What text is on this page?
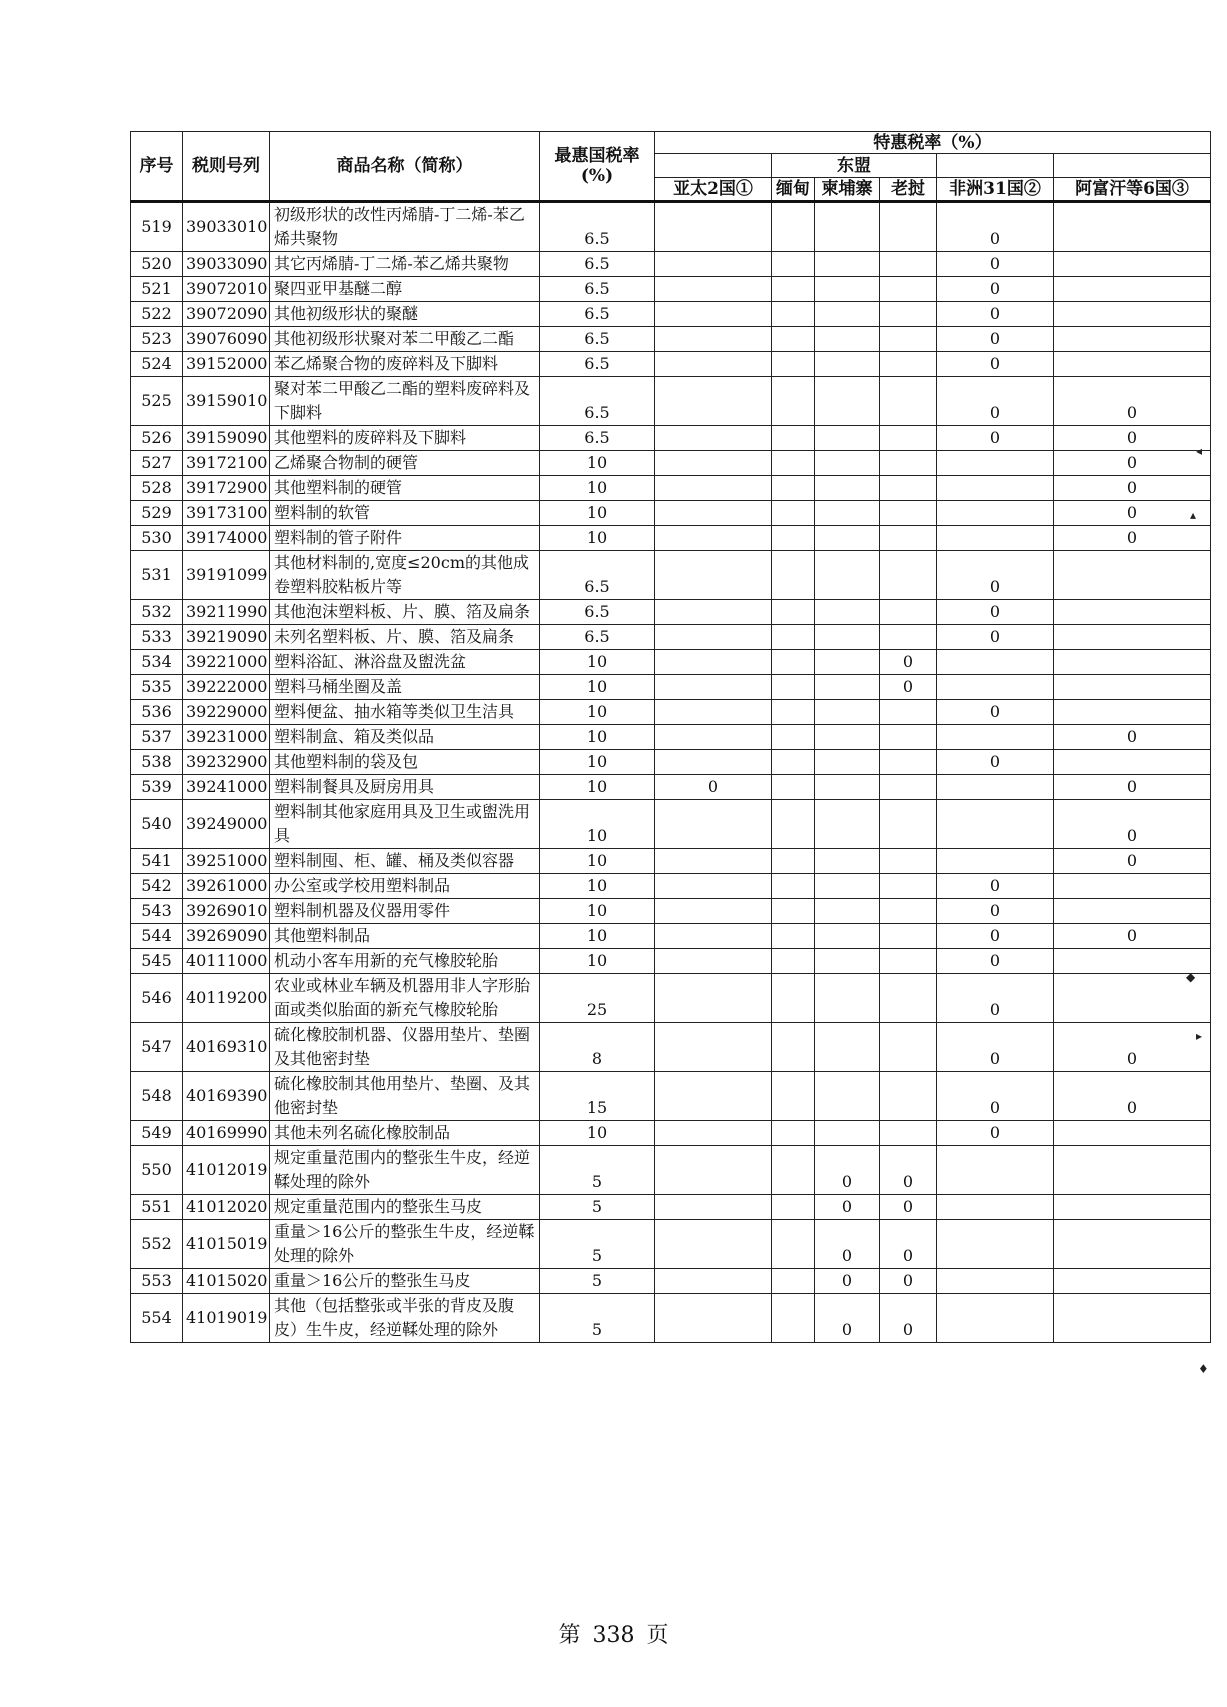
序号	税则号列	商品名称（简称）	最惠国税率(%)	特惠税率（%）					
					东盟				
				亚太2国①	缅甸	柬埔寨	老挝	非洲31国②	阿富汗等6国③
519	39033010	初级形状的改性丙烯腈-丁二烯-苯乙烯共聚物	6.5					0	
520	39033090	其它丙烯腈-丁二烯-苯乙烯共聚物	6.5					0	
521	39072010	聚四亚甲基醚二醇	6.5					0	
522	39072090	其他初级形状的聚醚	6.5					0	
523	39076090	其他初级形状聚对苯二甲酸乙二酯	6.5					0	
524	39152000	苯乙烯聚合物的废碎料及下脚料	6.5					0	
525	39159010	聚对苯二甲酸乙二酯的塑料废碎料及下脚料	6.5					0	0
526	39159090	其他塑料的废碎料及下脚料	6.5					0	0
527	39172100	乙烯聚合物制的硬管	10						0
528	39172900	其他塑料制的硬管	10						0
529	39173100	塑料制的软管	10						0
530	39174000	塑料制的管子附件	10						0
531	39191099	其他材料制的,宽度≤20cm的其他成卷塑料胶粘板片等	6.5					0	
532	39211990	其他泡沫塑料板、片、膜、箔及扁条	6.5					0	
533	39219090	未列名塑料板、片、膜、箔及扁条	6.5					0	
534	39221000	塑料浴缸、淋浴盘及盥洗盆	10				0		
535	39222000	塑料马桶坐圈及盖	10				0		
536	39229000	塑料便盆、抽水箱等类似卫生洁具	10					0	
537	39231000	塑料制盒、箱及类似品	10						0
538	39232900	其他塑料制的袋及包	10					0	
539	39241000	塑料制餐具及厨房用具	10	0					0
540	39249000	塑料制其他家庭用具及卫生或盥洗用具	10						0
541	39251000	塑料制囤、柜、罐、桶及类似容器	10						0
542	39261000	办公室或学校用塑料制品	10					0	
543	39269010	塑料制机器及仪器用零件	10					0	
544	39269090	其他塑料制品	10					0	0
545	40111000	机动小客车用新的充气橡胶轮胎	10					0	
546	40119200	农业或林业车辆及机器用非人字形胎面或类似胎面的新充气橡胶轮胎	25					0	
547	40169310	硫化橡胶制机器、仪器用垫片、垫圈及其他密封垫	8					0	0
548	40169390	硫化橡胶制其他用垫片、垫圈、及其他密封垫	15					0	0
549	40169990	其他未列名硫化橡胶制品	10					0	
550	41012019	规定重量范围内的整张生牛皮，经逆鞣处理的除外	5			0	0		
551	41012020	规定重量范围内的整张生马皮	5			0	0		
552	41015019	重量＞16公斤的整张生牛皮，经逆鞣处理的除外	5			0	0		
553	41015020	重量＞16公斤的整张生马皮	5			0	0		
554	41019019	其他（包括整张或半张的背皮及腹皮）生牛皮，经逆鞣处理的除外	5			0	0		
◂
▴
◆
▸
♦
第 338 页
